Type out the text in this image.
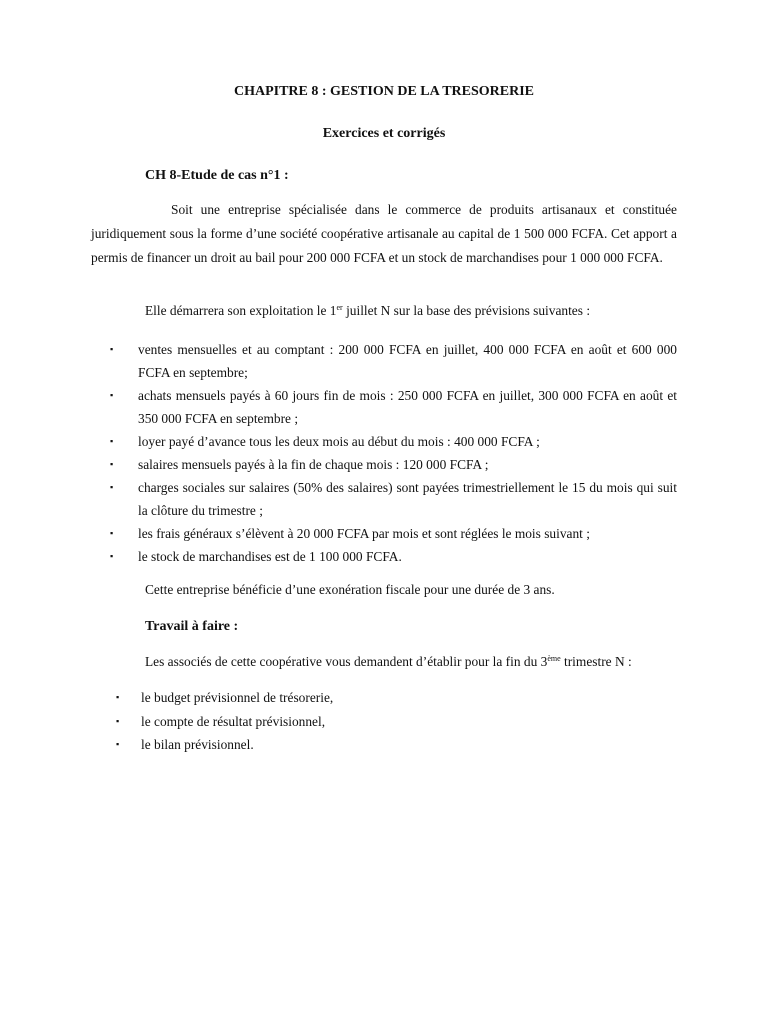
CHAPITRE 8 : GESTION DE LA TRESORERIE
Exercices et corrigés
CH 8-Etude de cas n°1 :
Soit une entreprise spécialisée dans le commerce de produits artisanaux et constituée juridiquement sous la forme d’une société coopérative artisanale au capital de 1 500 000 FCFA. Cet apport a permis de financer un droit au bail pour 200 000 FCFA et un stock de marchandises pour 1 000 000 FCFA.
Elle démarrera son exploitation le 1er juillet N sur la base des prévisions suivantes :
▪ ventes mensuelles et au comptant : 200 000 FCFA en juillet, 400 000 FCFA en août et 600 000 FCFA en septembre;
▪ achats mensuels payés à 60 jours fin de mois : 250 000 FCFA en juillet, 300 000 FCFA en août et 350 000 FCFA en septembre ;
▪ loyer payé d’avance tous les deux mois au début du mois : 400 000 FCFA ;
▪ salaires mensuels payés à la fin de chaque mois : 120 000 FCFA ;
▪ charges sociales sur salaires (50% des salaires) sont payées trimestriellement le 15 du mois qui suit la clôture du trimestre ;
▪ les frais généraux s’élèvent à 20 000 FCFA par mois et sont réglées le mois suivant ;
▪ le stock de marchandises est de 1 100 000 FCFA.
Cette entreprise bénéficie d’une exonération fiscale pour une durée de 3 ans.
Travail à faire :
Les associés de cette coopérative vous demandent d’établir pour la fin du 3ème trimestre N :
▪ le budget prévisionnel de trésorerie,
▪ le compte de résultat prévisionnel,
▪ le bilan prévisionnel.
